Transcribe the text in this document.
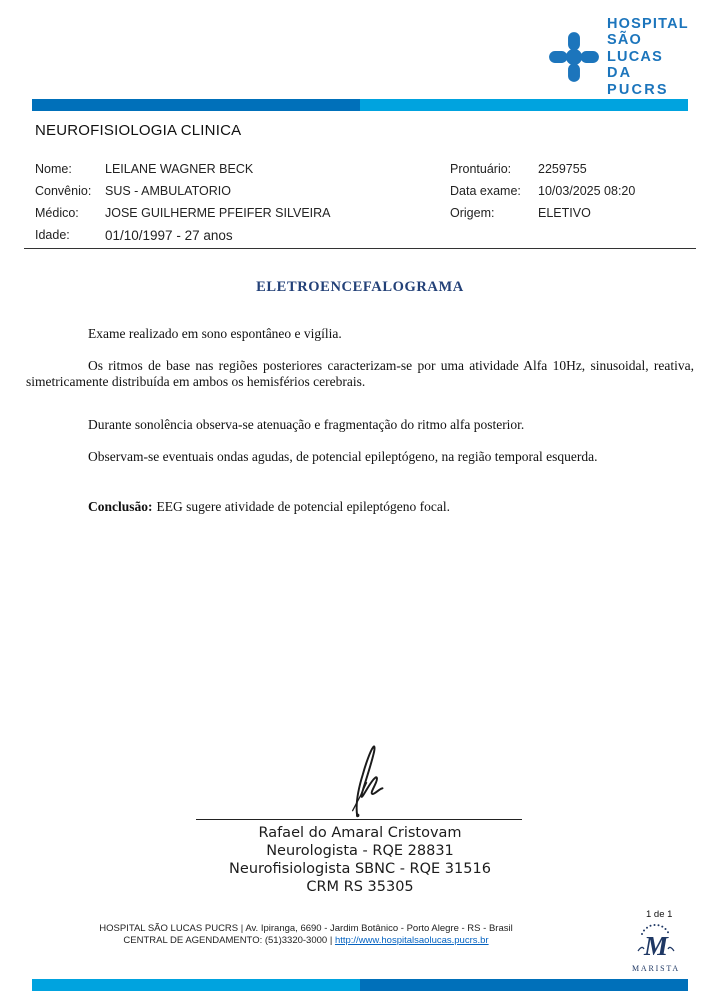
HOSPITAL
SÃO LUCAS
DA PUCRS
NEUROFISIOLOGIA CLINICA
Nome:	LEILANE WAGNER BECK
Convênio:	SUS - AMBULATORIO
Médico:	JOSE GUILHERME PFEIFER SILVEIRA
Idade:	01/10/1997 - 27 anos
Prontuário:	2259755
Data exame:	10/03/2025 08:20
Origem:	ELETIVO
ELETROENCEFALOGRAMA

Exame realizado em sono espontâneo e vigília.

Os ritmos de base nas regiões posteriores caracterizam-se por uma atividade Alfa 10Hz, sinusoidal, reativa, simetricamente distribuída em ambos os hemisférios cerebrais.

Durante sonolência observa-se atenuação e fragmentação do ritmo alfa posterior.

Observam-se eventuais ondas agudas, de potencial epileptógeno, na região temporal esquerda.

Conclusão: EEG sugere atividade de potencial epileptógeno focal.

Rafael do Amaral Cristovam
Neurologista - RQE 28831
Neurofisiologista SBNC - RQE 31516
CRM RS 35305
HOSPITAL SÃO LUCAS PUCRS | Av. Ipiranga, 6690 - Jardim Botânico - Porto Alegre - RS - Brasil
CENTRAL DE AGENDAMENTO: (51)3320-3000 | http://www.hospitalsaolucas.pucrs.br
1 de 1
M
MARISTA
